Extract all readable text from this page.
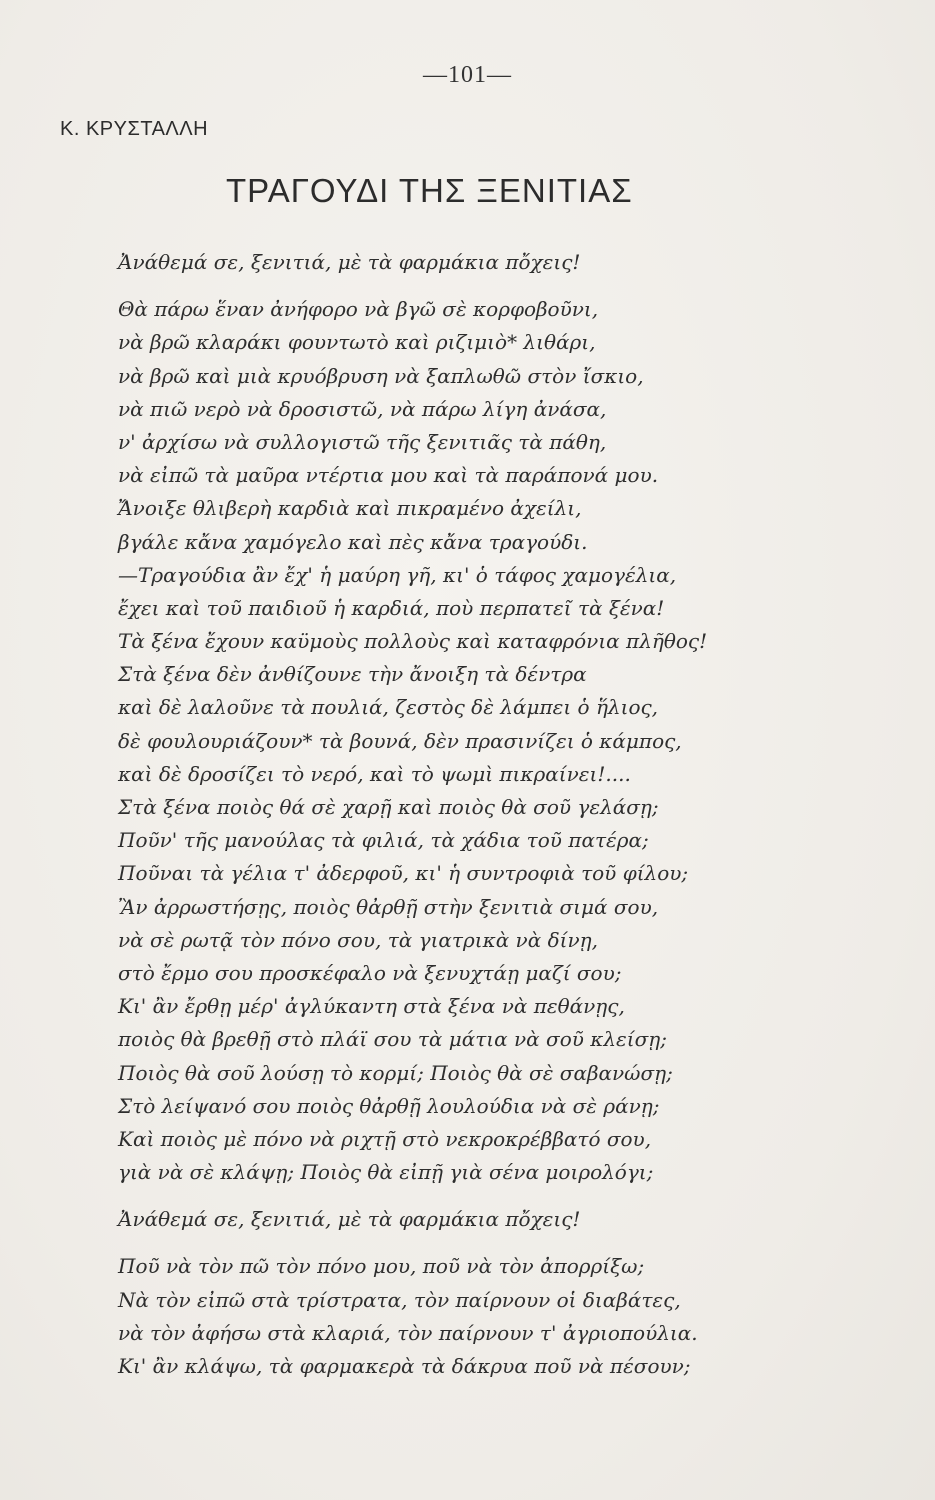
—101—
Κ. ΚΡΥΣΤΑΛΛΗ
ΤΡΑΓΟΥΔΙ ΤΗΣ ΞΕΝΙΤΙΑΣ
Ἀνάθεμά σε, ξενιτιά, μὲ τὰ φαρμάκια πὄχεις!
Θὰ πάρω ἕναν ἀνήφορο νὰ βγῶ σὲ κορφοβοῦνι,
νὰ βρῶ κλαράκι φουντωτὸ καὶ ριζιμιὸ* λιθάρι,
νὰ βρῶ καὶ μιὰ κρυόβρυση νὰ ξαπλωθῶ στὸν ἴσκιο,
νὰ πιῶ νερὸ νὰ δροσιστῶ, νὰ πάρω λίγη ἀνάσα,
ν' ἀρχίσω νὰ συλλογιστῶ τῆς ξενιτιᾶς τὰ πάθη,
νὰ εἰπῶ τὰ μαῦρα ντέρτια μου καὶ τὰ παράπονά μου.
Ἄνοιξε θλιβερὴ καρδιὰ καὶ πικραμένο ἀχείλι,
βγάλε κἄνα χαμόγελο καὶ πὲς κἄνα τραγούδι.
—Τραγούδια ἂν ἔχ' ἡ μαύρη γῆ, κι' ὁ τάφος χαμογέλια,
ἔχει καὶ τοῦ παιδιοῦ ἡ καρδιά, ποὺ περπατεῖ τὰ ξένα!
Τὰ ξένα ἔχουν καϋμοὺς πολλοὺς καὶ καταφρόνια πλῆθος!
Στὰ ξένα δὲν ἀνθίζουνε τὴν ἄνοιξη τὰ δέντρα
καὶ δὲ λαλοῦνε τὰ πουλιά, ζεστὸς δὲ λάμπει ὁ ἥλιος,
δὲ φουλουριάζουν* τὰ βουνά, δὲν πρασινίζει ὁ κάμπος,
καὶ δὲ δροσίζει τὸ νερό, καὶ τὸ ψωμὶ πικραίνει!....
Στὰ ξένα ποιὸς θά σὲ χαρῇ καὶ ποιὸς θὰ σοῦ γελάσῃ;
Ποῦν' τῆς μανούλας τὰ φιλιά, τὰ χάδια τοῦ πατέρα;
Ποῦναι τὰ γέλια τ' ἀδερφοῦ, κι' ἡ συντροφιὰ τοῦ φίλου;
Ἂν ἀρρωστήσῃς, ποιὸς θἀρθῇ στὴν ξενιτιὰ σιμά σου,
νὰ σὲ ρωτᾷ τὸν πόνο σου, τὰ γιατρικὰ νὰ δίνῃ,
στὸ ἔρμο σου προσκέφαλο νὰ ξενυχτάῃ μαζί σου;
Κι' ἂν ἔρθῃ μέρ' ἀγλύκαντη στὰ ξένα νὰ πεθάνῃς,
ποιὸς θὰ βρεθῇ στὸ πλάϊ σου τὰ μάτια νὰ σοῦ κλείσῃ;
Ποιὸς θὰ σοῦ λούσῃ τὸ κορμί; Ποιὸς θὰ σὲ σαβανώσῃ;
Στὸ λείψανό σου ποιὸς θἀρθῇ λουλούδια νὰ σὲ ράνῃ;
Καὶ ποιὸς μὲ πόνο νὰ ριχτῇ στὸ νεκροκρέββατό σου,
γιὰ νὰ σὲ κλάψῃ; Ποιὸς θὰ εἰπῇ γιὰ σένα μοιρολόγι;
Ἀνάθεμά σε, ξενιτιά, μὲ τὰ φαρμάκια πὄχεις!
Ποῦ νὰ τὸν πῶ τὸν πόνο μου, ποῦ νὰ τὸν ἀπορρίξω;
Νὰ τὸν εἰπῶ στὰ τρίστρατα, τὸν παίρνουν οἱ διαβάτες,
νὰ τὸν ἀφήσω στὰ κλαριά, τὸν παίρνουν τ' ἀγριοπούλια.
Κι' ἂν κλάψω, τὰ φαρμακερὰ τὰ δάκρυα ποῦ νὰ πέσουν;
